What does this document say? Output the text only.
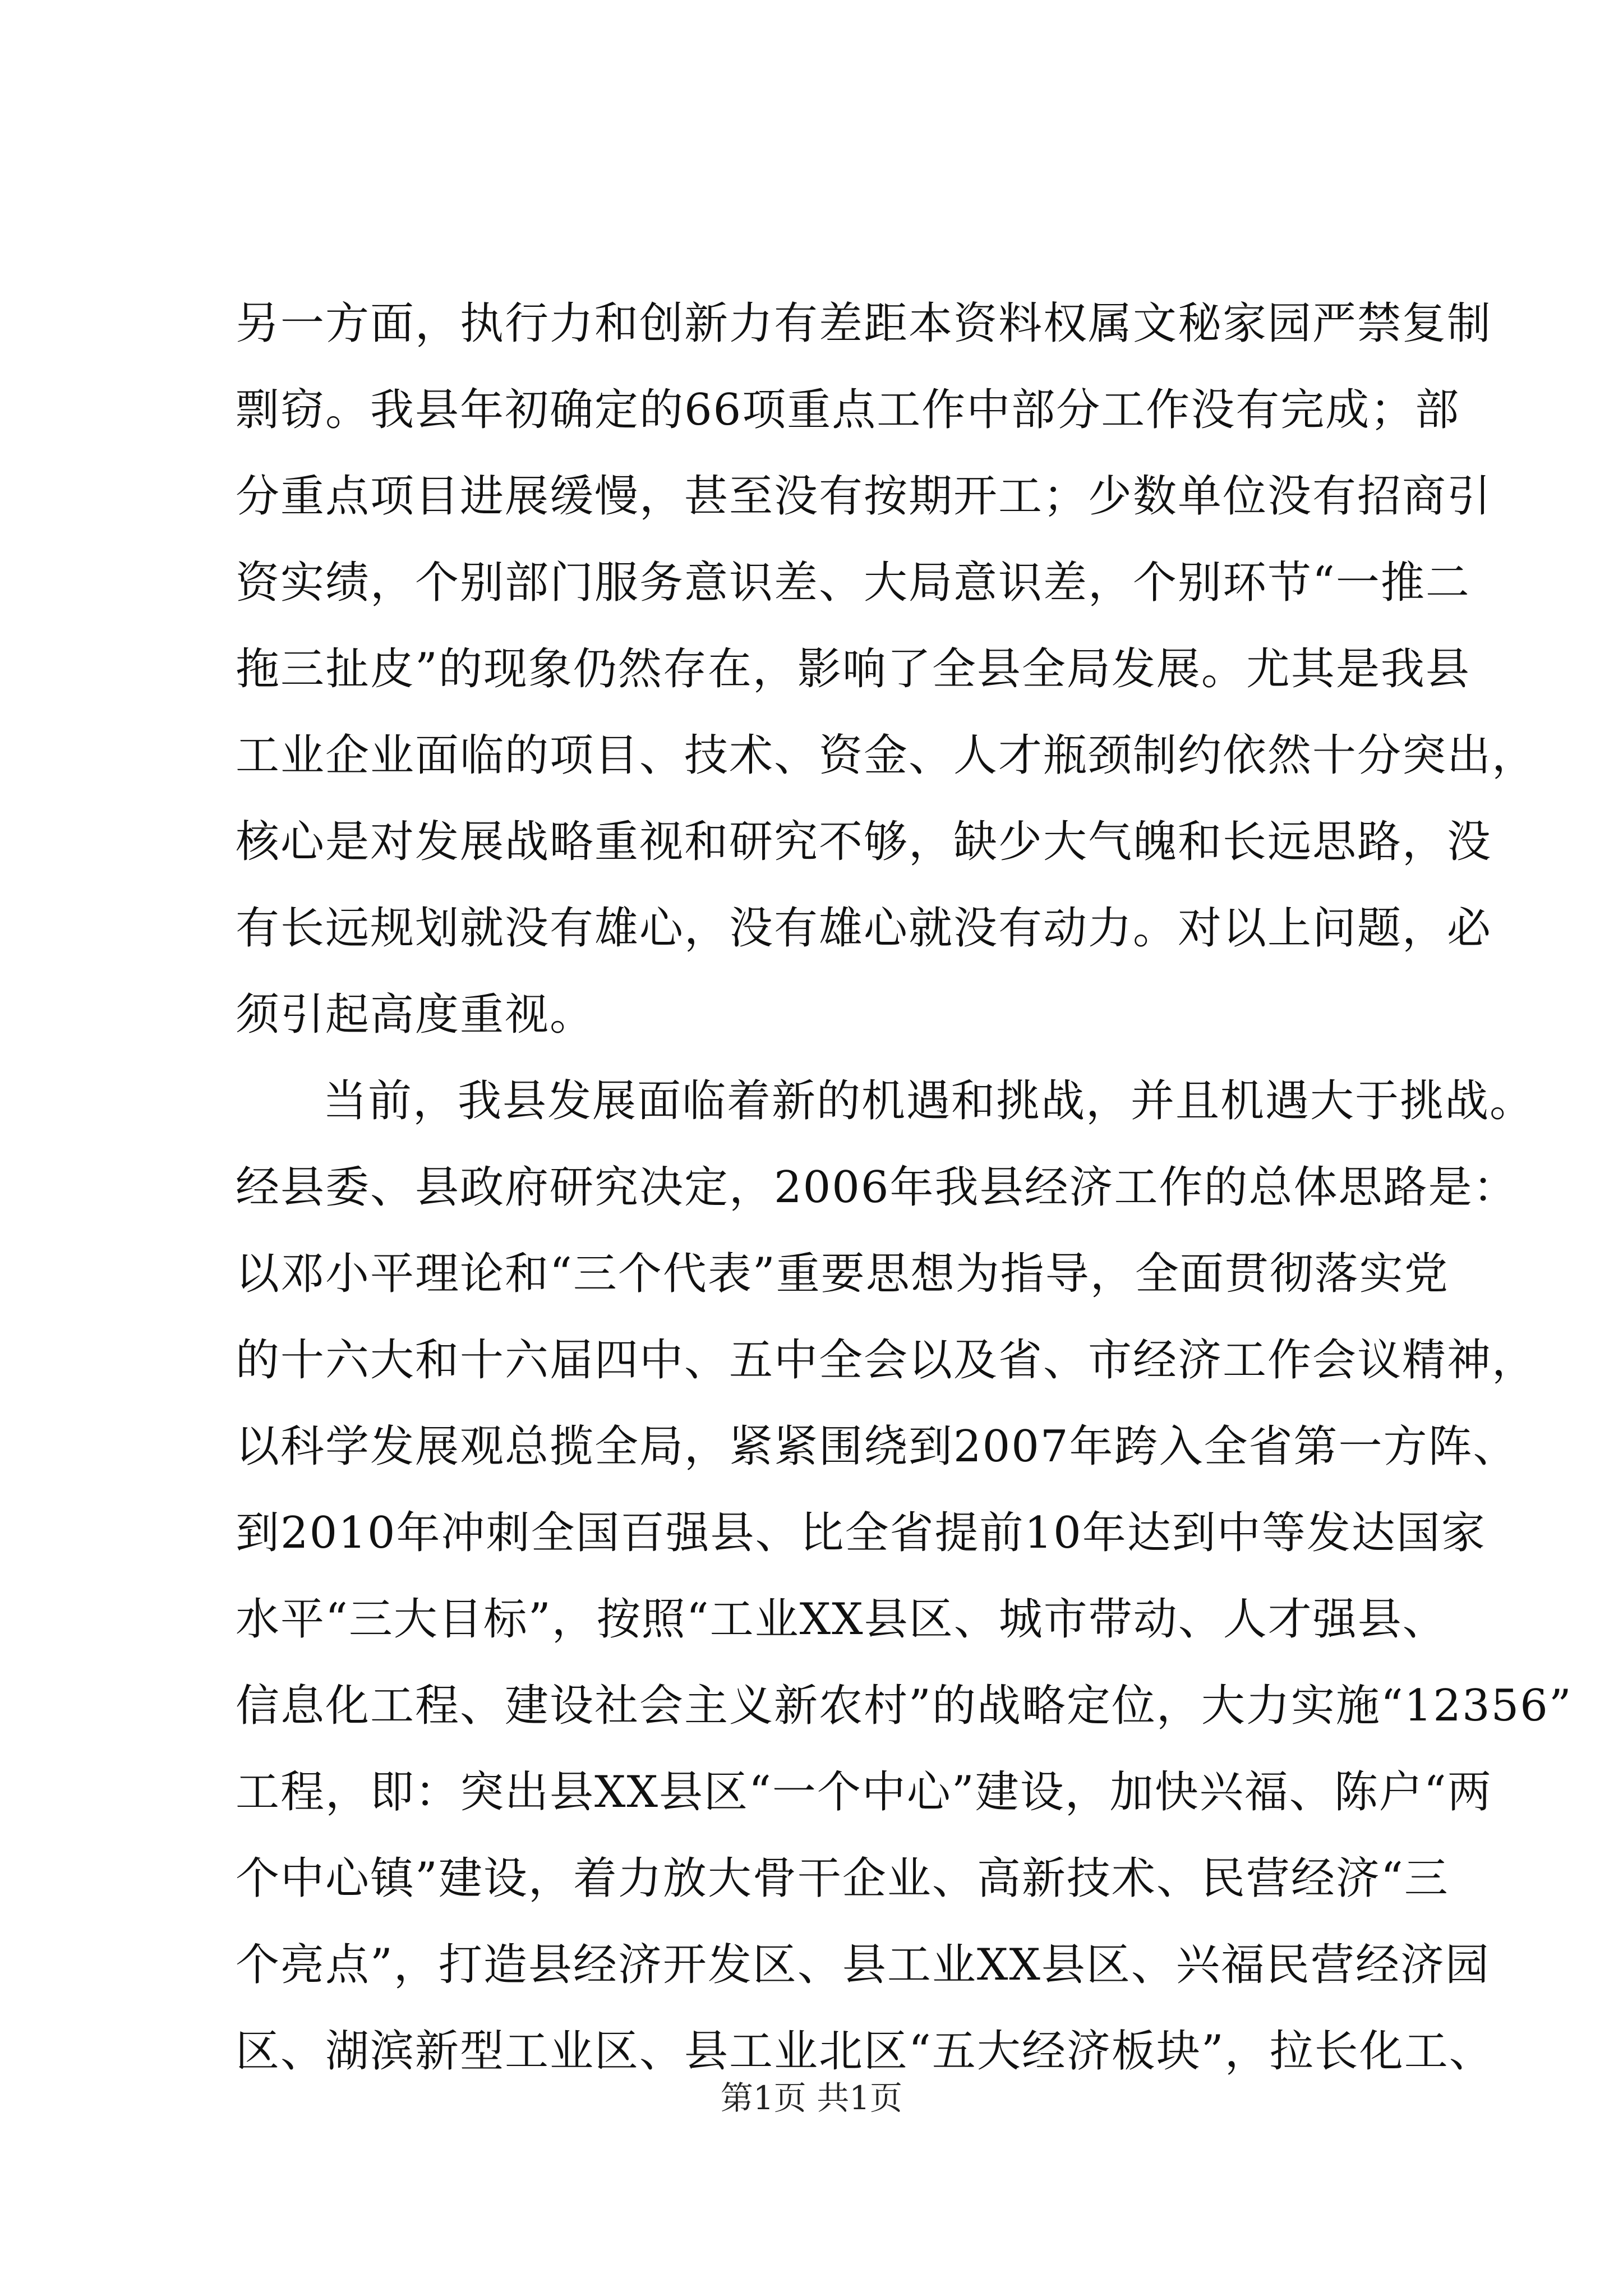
另一方面，执行力和创新力有差距本资料权属文秘家园严禁复制
剽窃。我县年初确定的66项重点工作中部分工作没有完成；部
分重点项目进展缓慢，甚至没有按期开工；少数单位没有招商引
资实绩，个别部门服务意识差、大局意识差，个别环节“一推二
拖三扯皮”的现象仍然存在，影响了全县全局发展。尤其是我县
工业企业面临的项目、技术、资金、人才瓶颈制约依然十分突出，
核心是对发展战略重视和研究不够，缺少大气魄和长远思路，没
有长远规划就没有雄心，没有雄心就没有动力。对以上问题，必
须引起高度重视。
当前，我县发展面临着新的机遇和挑战，并且机遇大于挑战。
经县委、县政府研究决定，2006年我县经济工作的总体思路是：
以邓小平理论和“三个代表”重要思想为指导，全面贯彻落实党
的十六大和十六届四中、五中全会以及省、市经济工作会议精神，
以科学发展观总揽全局，紧紧围绕到2007年跨入全省第一方阵、
到2010年冲刺全国百强县、比全省提前10年达到中等发达国家
水平“三大目标”，按照“工业XX县区、城市带动、人才强县、
信息化工程、建设社会主义新农村”的战略定位，大力实施“12356”
工程，即：突出县XX县区“一个中心”建设，加快兴福、陈户“两
个中心镇”建设，着力放大骨干企业、高新技术、民营经济“三
个亮点”，打造县经济开发区、县工业XX县区、兴福民营经济园
区、湖滨新型工业区、县工业北区“五大经济板块”，拉长化工、
第1页 共1页
